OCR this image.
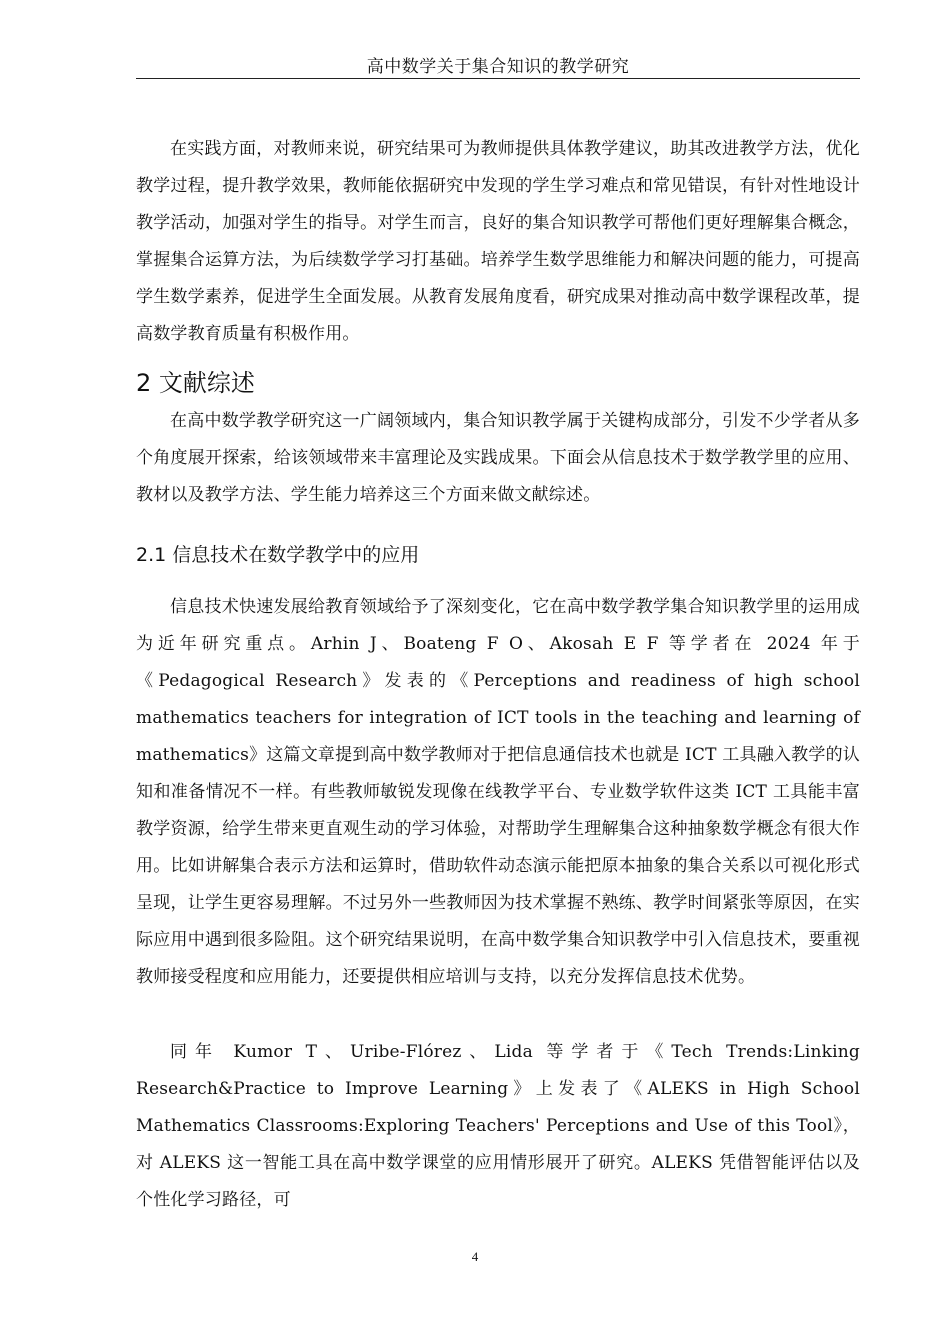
高中数学关于集合知识的教学研究

在实践方面，对教师来说，研究结果可为教师提供具体教学建议，助其改进教学方法，优化教学过程，提升教学效果，教师能依据研究中发现的学生学习难点和常见错误，有针对性地设计教学活动，加强对学生的指导。对学生而言，良好的集合知识教学可帮他们更好理解集合概念，掌握集合运算方法，为后续数学学习打基础。培养学生数学思维能力和解决问题的能力，可提高学生数学素养，促进学生全面发展。从教育发展角度看，研究成果对推动高中数学课程改革，提高数学教育质量有积极作用。

2 文献综述

在高中数学教学研究这一广阔领域内，集合知识教学属于关键构成部分，引发不少学者从多个角度展开探索，给该领域带来丰富理论及实践成果。下面会从信息技术于数学教学里的应用、教材以及教学方法、学生能力培养这三个方面来做文献综述。

2.1 信息技术在数学教学中的应用

信息技术快速发展给教育领域给予了深刻变化，它在高中数学教学集合知识教学里的运用成为近年研究重点。Arhin J、Boateng F O、Akosah E F 等学者在 2024 年于《Pedagogical Research》发表的《Perceptions and readiness of high school mathematics teachers for integration of ICT tools in the teaching and learning of mathematics》这篇文章提到高中数学教师对于把信息通信技术也就是 ICT 工具融入教学的认知和准备情况不一样。有些教师敏锐发现像在线教学平台、专业数学软件这类 ICT 工具能丰富教学资源，给学生带来更直观生动的学习体验，对帮助学生理解集合这种抽象数学概念有很大作用。比如讲解集合表示方法和运算时，借助软件动态演示能把原本抽象的集合关系以可视化形式呈现，让学生更容易理解。不过另外一些教师因为技术掌握不熟练、教学时间紧张等原因，在实际应用中遇到很多险阻。这个研究结果说明，在高中数学集合知识教学中引入信息技术，要重视教师接受程度和应用能力，还要提供相应培训与支持，以充分发挥信息技术优势。

同年 Kumor T、Uribe-Flórez、Lida 等学者于《Tech Trends:Linking Research&Practice to Improve Learning》上发表了《ALEKS in High School Mathematics Classrooms:Exploring Teachers' Perceptions and Use of this Tool》，对 ALEKS 这一智能工具在高中数学课堂的应用情形展开了研究。ALEKS 凭借智能评估以及个性化学习路径，可

4
